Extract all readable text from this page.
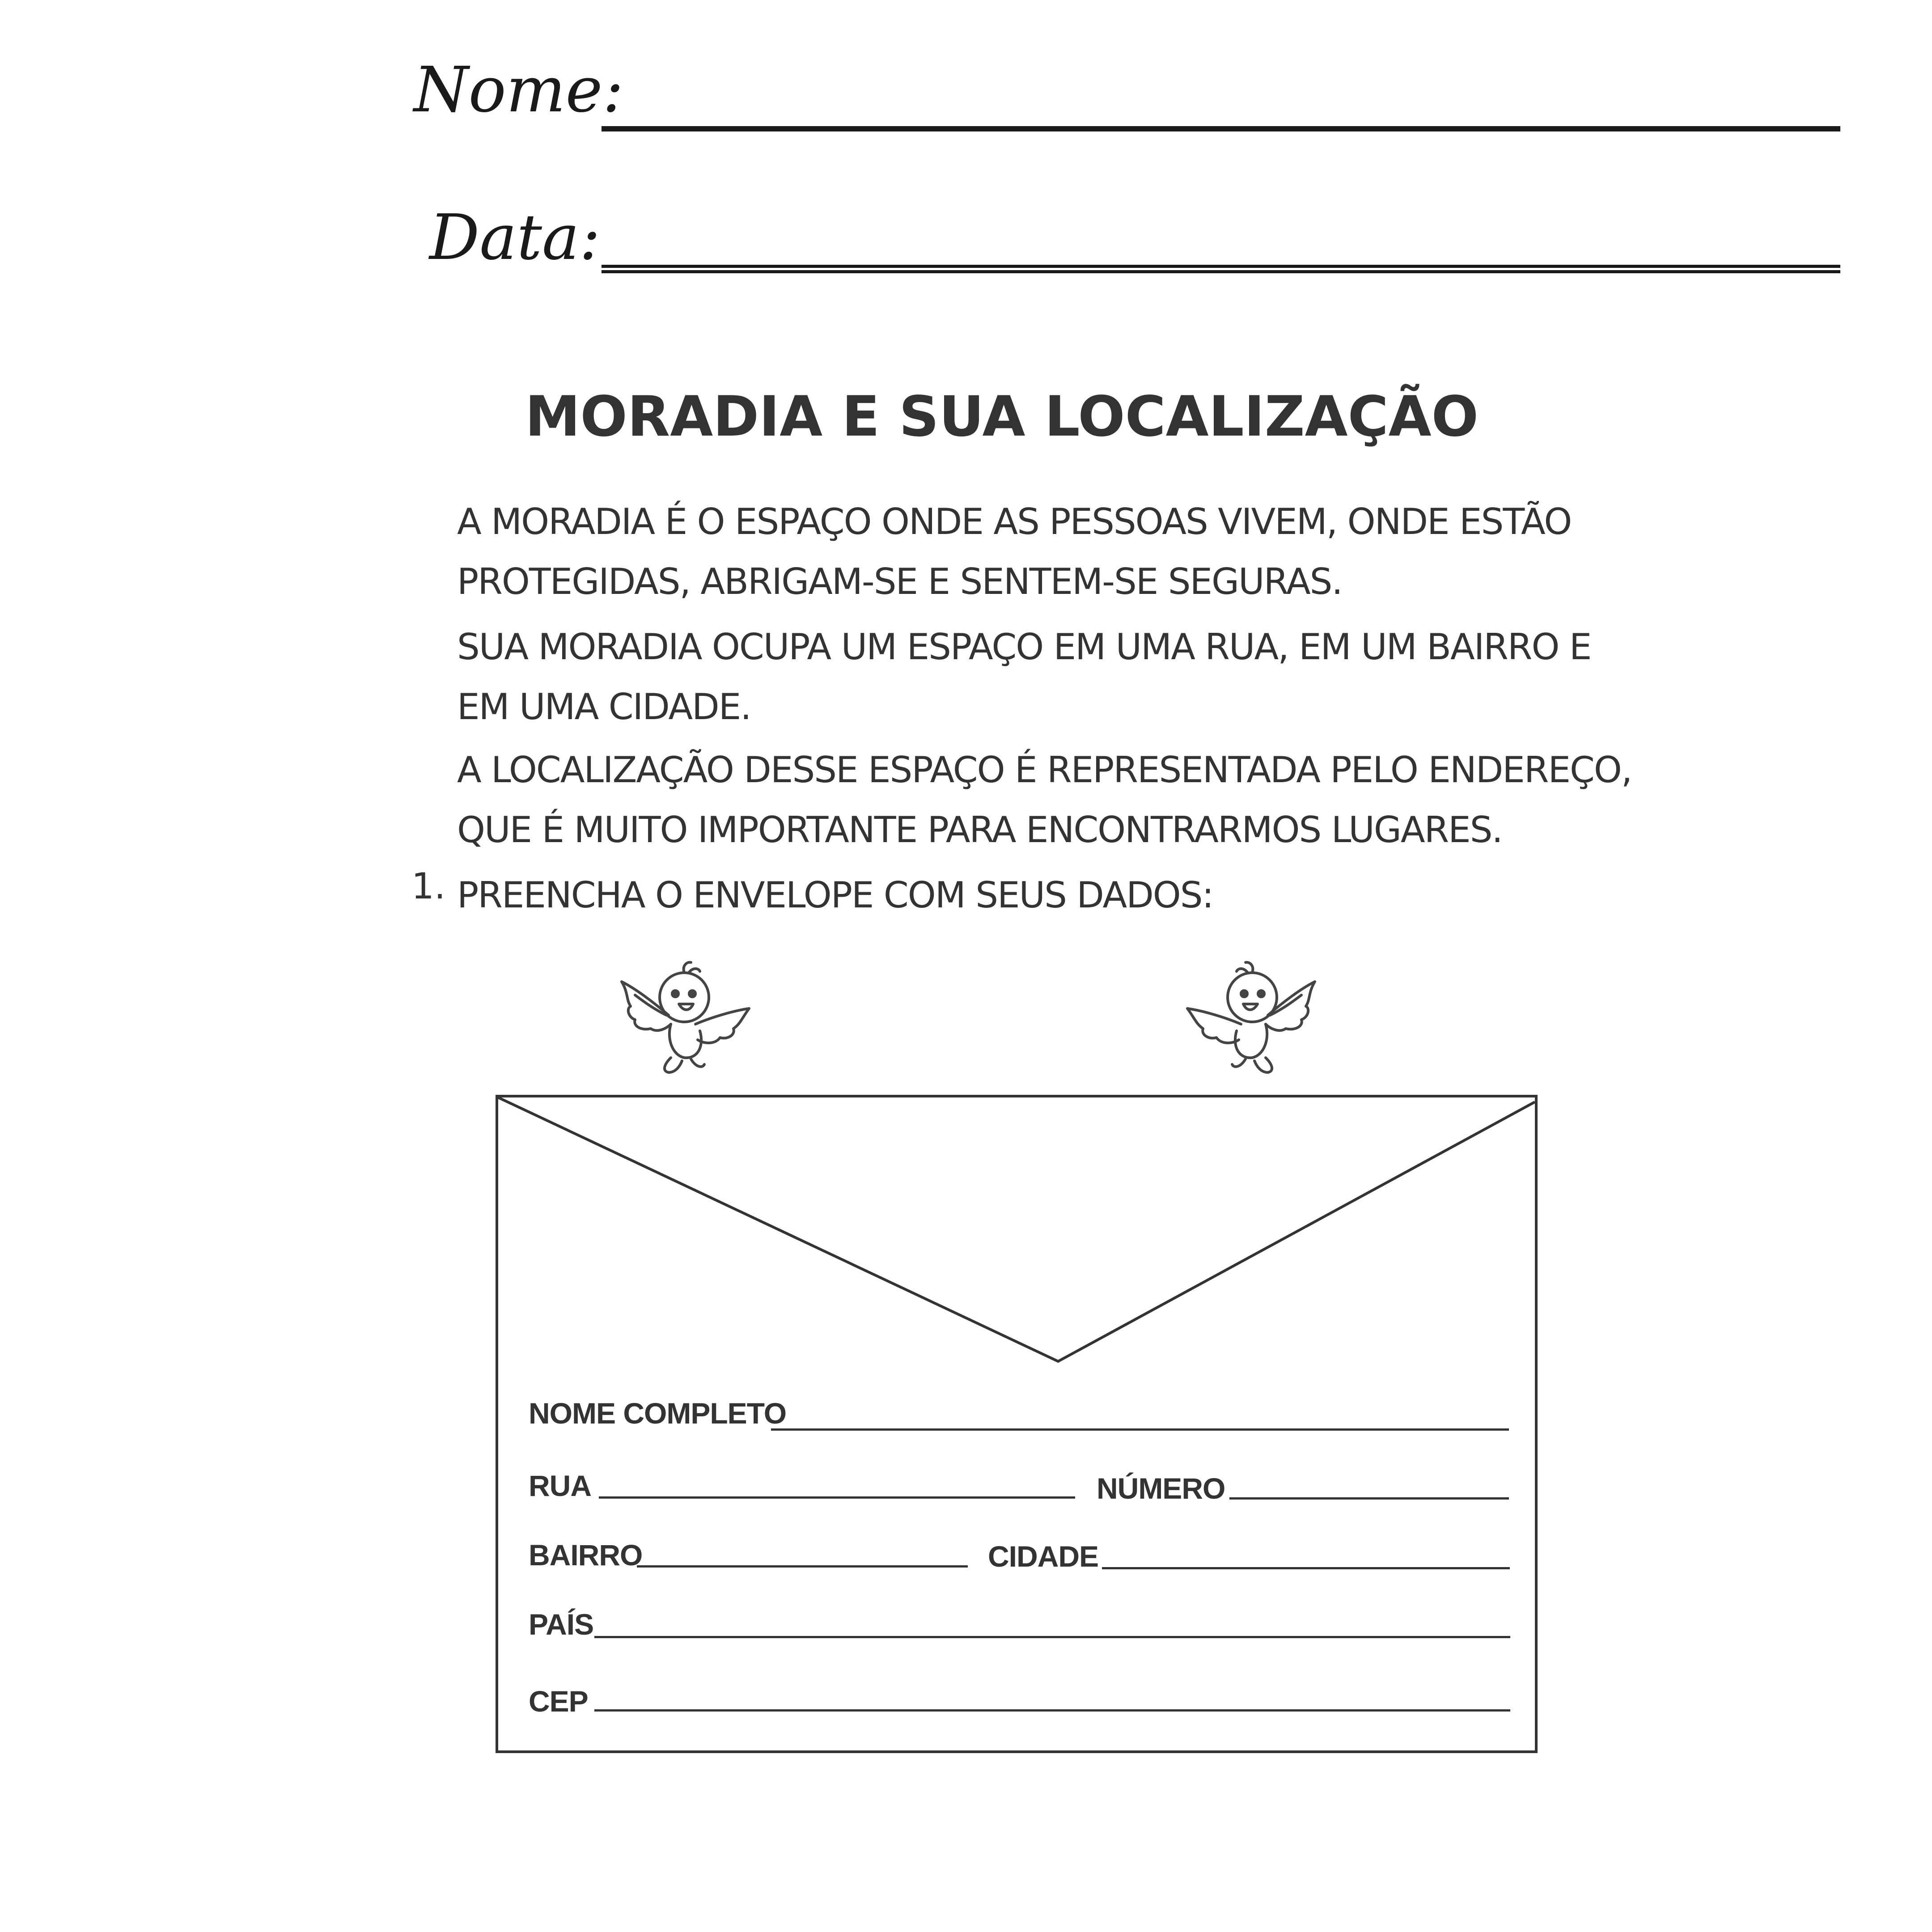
Nome:
Data:
MORADIA E SUA LOCALIZAÇÃO
A MORADIA É O ESPAÇO ONDE AS PESSOAS VIVEM, ONDE ESTÃO
PROTEGIDAS, ABRIGAM-SE E SENTEM-SE SEGURAS.
SUA MORADIA OCUPA UM ESPAÇO EM UMA RUA, EM UM BAIRRO E
EM UMA CIDADE.
A LOCALIZAÇÃO DESSE ESPAÇO É REPRESENTADA PELO ENDEREÇO,
QUE É MUITO IMPORTANTE PARA ENCONTRARMOS LUGARES.
1. PREENCHA O ENVELOPE COM SEUS DADOS:
NOME COMPLETO
RUA	NÚMERO
BAIRRO	CIDADE
PAÍS
CEP
